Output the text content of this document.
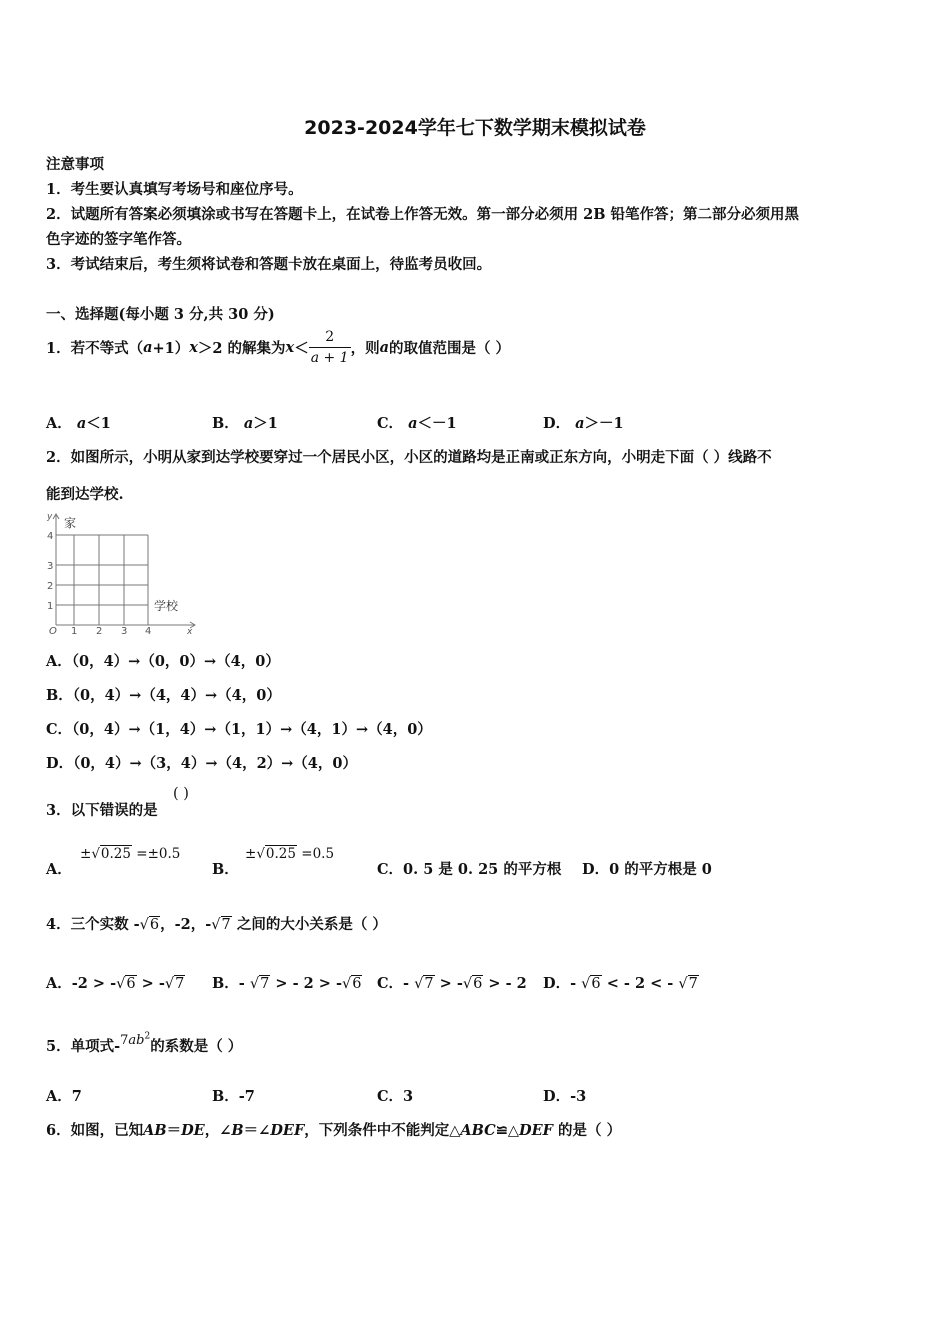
2023-2024学年七下数学期末模拟试卷
注意事项
1．考生要认真填写考场号和座位序号。
2．试题所有答案必须填涂或书写在答题卡上，在试卷上作答无效。第一部分必须用 2B 铅笔作答；第二部分必须用黑
色字迹的签字笔作答。
3．考试结束后，考生须将试卷和答题卡放在桌面上，待监考员收回。
一、选择题(每小题 3 分,共 30 分)
1．若不等式（ a +1） x ＞2 的解集为 $x < \frac{2}{a + 1}$ ，则 a 的取值范围是（ ）
A． a＜1	B． a＞1	C． a＜－1	D． a＞－1
2．如图所示，小明从家到达学校要穿过一个居民小区，小区的道路均是正南或正东方向，小明走下面（ ）线路不
能到达学校.
家
学校
y
x
O 1 2 3 4
1
2
3
4
A．（0，4）→（0，0）→（4，0）
B．（0，4）→（4，4）→（4，0）
C．（0，4）→（1，4）→（1，1）→（4，1）→（4，0）
D．（0，4）→（3，4）→（4，2）→（4，0）
3．以下错误的是
( )
A．
±√0.25 =±0.5
B．
±√0.25 =0.5
C．0. 5 是 0. 25 的平方根 D．0 的平方根是 0
4．三个实数 -√6，-2，-√7 之间的大小关系是（ ）
A．-2 > -√6 > -√7 B．- √7 > - 2 > -√6 C．- √7 > -√6 > - 2 D．- √6 < - 2 < - √7
5．单项式$-7ab^2$的系数是（ ）
A．7	B．-7	C．3	D．-3
6．如图，已知AB＝DE，∠B＝∠DEF，下列条件中不能判定△ABC≌△DEF 的是（ ）
